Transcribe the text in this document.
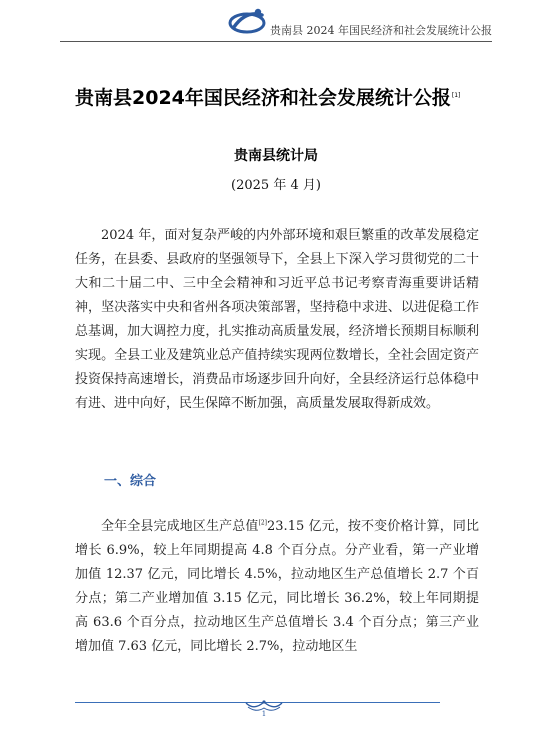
贵南县 2024 年国民经济和社会发展统计公报
贵南县2024年国民经济和社会发展统计公报[1]
贵南县统计局
(2025 年 4 月)

2024 年，面对复杂严峻的内外部环境和艰巨繁重的改革发展稳定任务，在县委、县政府的坚强领导下，全县上下深入学习贯彻党的二十大和二十届二中、三中全会精神和习近平总书记考察青海重要讲话精神，坚决落实中央和省州各项决策部署，坚持稳中求进、以进促稳工作总基调，加大调控力度，扎实推动高质量发展，经济增长预期目标顺利实现。全县工业及建筑业总产值持续实现两位数增长，全社会固定资产投资保持高速增长，消费品市场逐步回升向好，全县经济运行总体稳中有进、进中向好，民生保障不断加强，高质量发展取得新成效。

一、综合

全年全县完成地区生产总值[2]23.15 亿元，按不变价格计算，同比增长 6.9%，较上年同期提高 4.8 个百分点。分产业看，第一产业增加值 12.37 亿元，同比增长 4.5%，拉动地区生产总值增长 2.7 个百分点；第二产业增加值 3.15 亿元，同比增长 36.2%，较上年同期提高 63.6 个百分点，拉动地区生产总值增长 3.4 个百分点；第三产业增加值 7.63 亿元，同比增长 2.7%，拉动地区生

1
